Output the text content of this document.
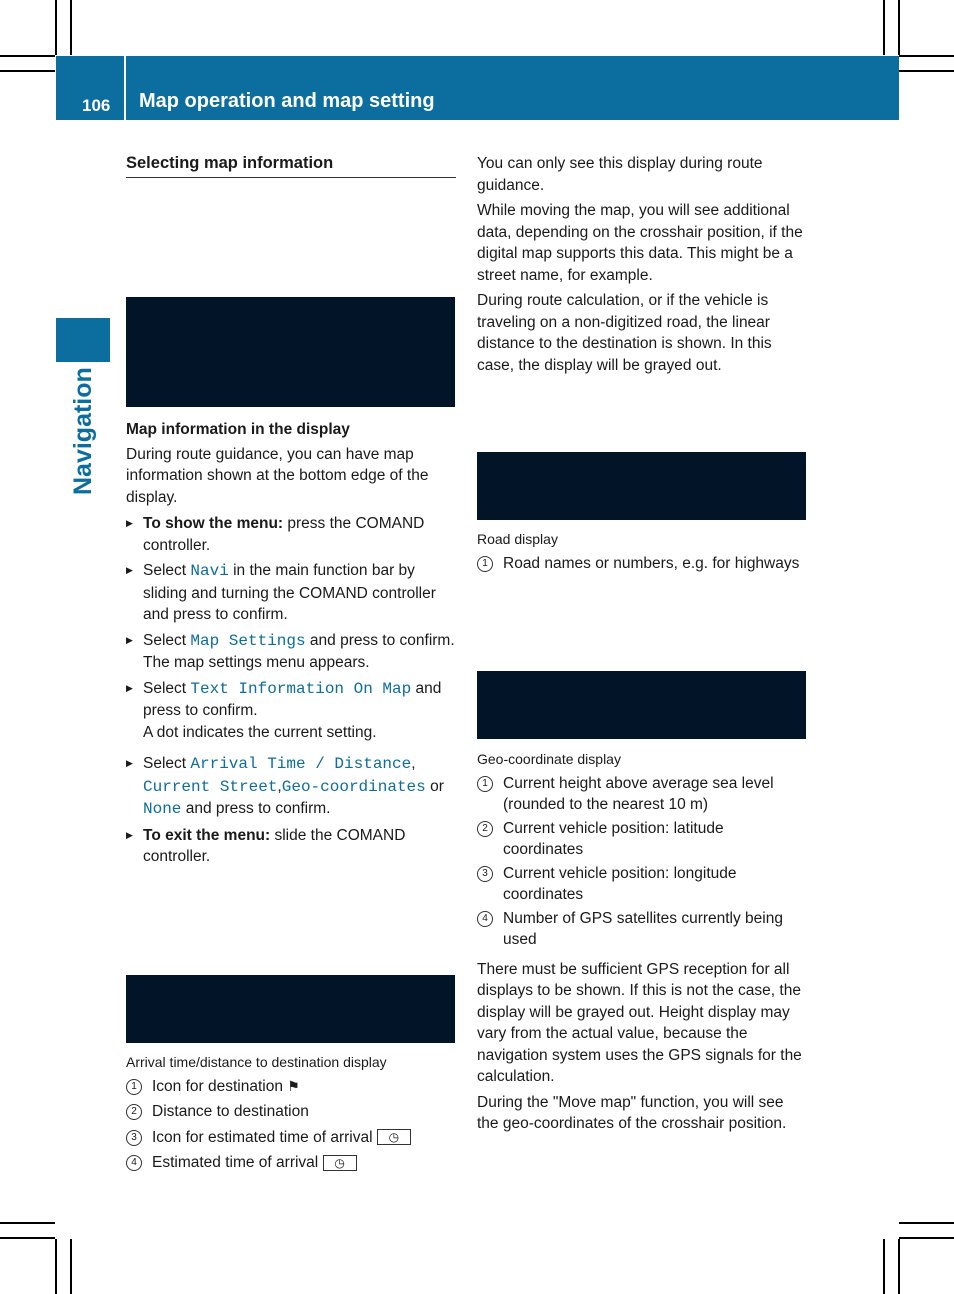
106 Map operation and map setting
Navigation
Selecting map information

Map information in the display

During route guidance, you can have map information shown at the bottom edge of the display.

▶ To show the menu: press the COMAND controller.
▶ Select Navi in the main function bar by sliding and turning the COMAND controller and press to confirm.
▶ Select Map Settings and press to confirm.
The map settings menu appears.
▶ Select Text Information On Map and press to confirm.
A dot indicates the current setting.
▶ Select Arrival Time / Distance, Current Street,Geo-coordinates or None and press to confirm.
▶ To exit the menu: slide the COMAND controller.

Arrival time/distance to destination display

1 Icon for destination ⚑
2 Distance to destination
3 Icon for estimated time of arrival ◷
4 Estimated time of arrival ◷

You can only see this display during route guidance.

While moving the map, you will see additional data, depending on the crosshair position, if the digital map supports this data. This might be a street name, for example.

During route calculation, or if the vehicle is traveling on a non-digitized road, the linear distance to the destination is shown. In this case, the display will be grayed out.

Road display

1 Road names or numbers, e.g. for highways

Geo-coordinate display

1 Current height above average sea level (rounded to the nearest 10 m)
2 Current vehicle position: latitude coordinates
3 Current vehicle position: longitude coordinates
4 Number of GPS satellites currently being used

There must be sufficient GPS reception for all displays to be shown. If this is not the case, the display will be grayed out. Height display may vary from the actual value, because the navigation system uses the GPS signals for the calculation.

During the "Move map" function, you will see the geo-coordinates of the crosshair position.
